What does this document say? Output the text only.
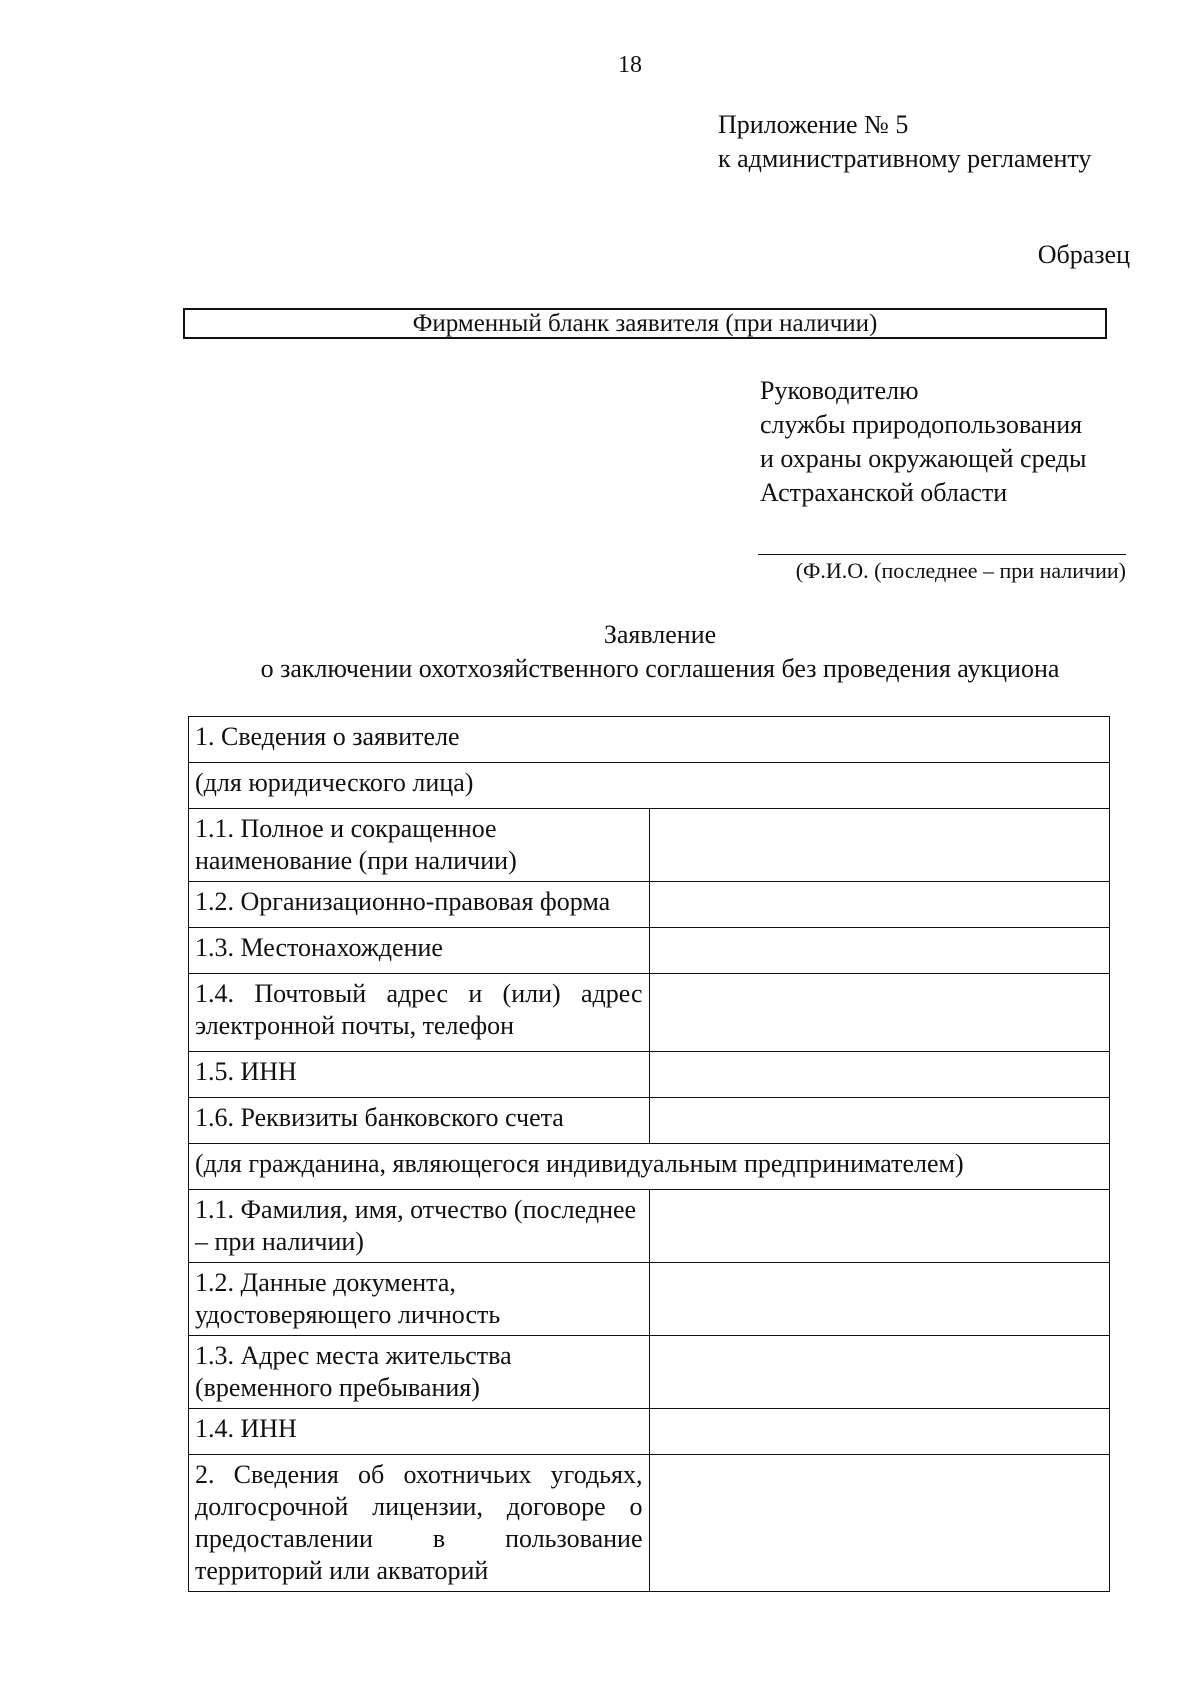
18
Приложение № 5
к административному регламенту
Образец
Фирменный бланк заявителя (при наличии)
Руководителю
службы природопользования
и охраны окружающей среды
Астраханской области
(Ф.И.О. (последнее – при наличии)
Заявление
о заключении охотхозяйственного соглашения без проведения аукциона
1. Сведения о заявителе	
(для юридического лица)	
1.1. Полное и сокращенное наименование (при наличии)	
1.2. Организационно-правовая форма	
1.3. Местонахождение	
1.4. Почтовый адрес и (или) адрес электронной почты, телефон	
1.5. ИНН	
1.6. Реквизиты банковского счета	
(для гражданина, являющегося индивидуальным предпринимателем)	
1.1. Фамилия, имя, отчество (последнее – при наличии)	
1.2. Данные документа, удостоверяющего личность	
1.3. Адрес места жительства (временного пребывания)	
1.4. ИНН	
2. Сведения об охотничьих угодьях, долгосрочной лицензии, договоре о предоставлении в пользование территорий или акваторий	
